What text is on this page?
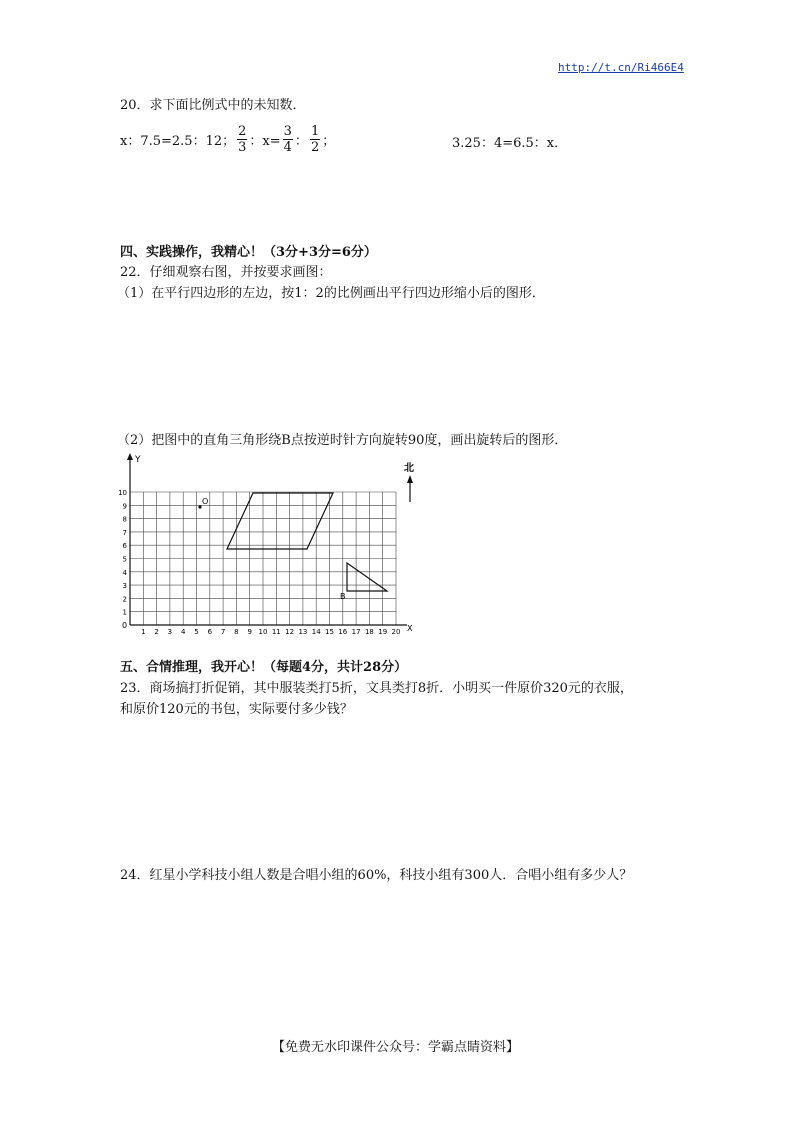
http://t.cn/Ri466E4
20．求下面比例式中的未知数．
x：7.5=2.5：12； $\frac{2}{3}$ ：$x= \frac{3}{4}$ ： $\frac{1}{2}$ ；	3.25：4=6.5：x．
四、实践操作，我精心！（3分+3分=6分）
22．仔细观察右图，并按要求画图：
（1）在平行四边形的左边，按1：2的比例画出平行四边形缩小后的图形．
（2）把图中的直角三角形绕B点按逆时针方向旋转90度，画出旋转后的图形．
Y
X
0
1 2 3 4 5 6 7 8 9 10 11 12 13 14 15 16 17 18 19 20
1
2
3
4
5
6
7
8
9
10
O
B
北
五、合情推理，我开心！（每题4分，共计28分）
23．商场搞打折促销，其中服装类打5折，文具类打8折．小明买一件原价320元的衣服，
和原价120元的书包，实际要付多少钱？
24．红星小学科技小组人数是合唱小组的60%，科技小组有300人．合唱小组有多少人？
【免费无水印课件公众号：学霸点睛资料】
